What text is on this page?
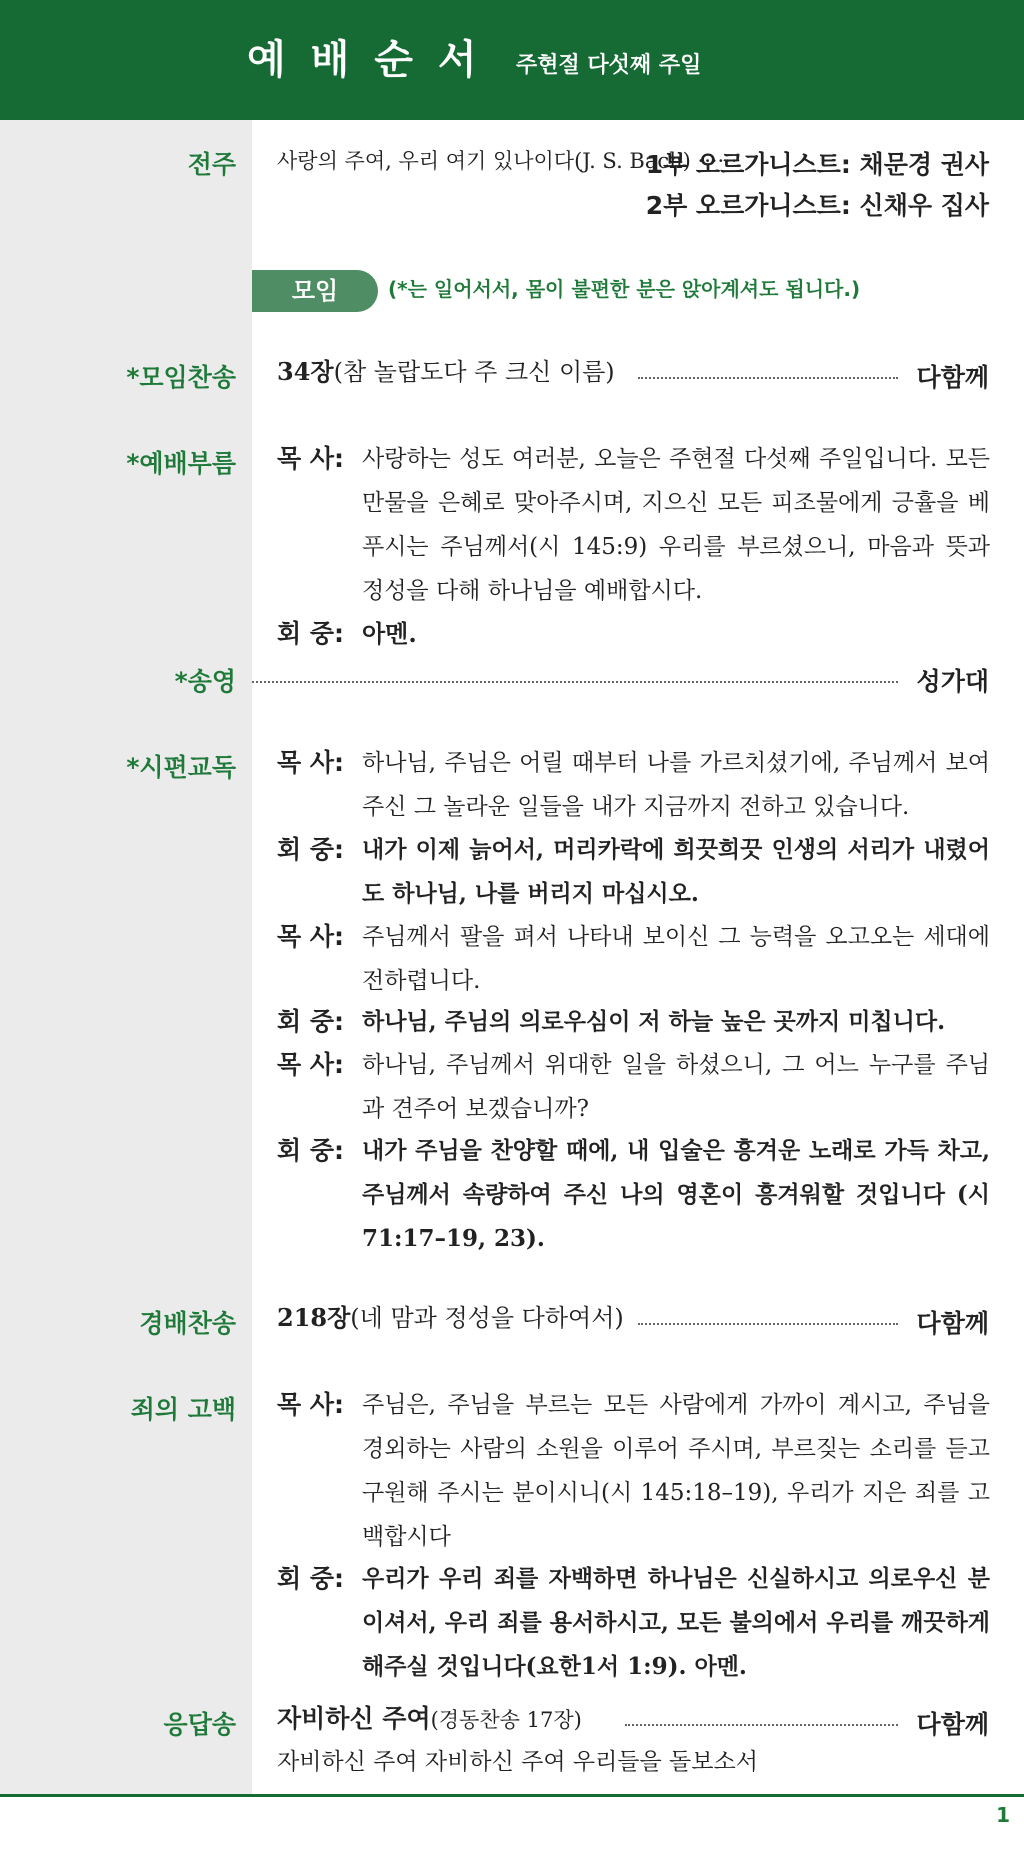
예배순서 주현절 다섯째 주일
전주 사랑의 주여, 우리 여기 있나이다(J. S. Bach) ······
1부 오르가니스트: 채문경 권사
2부 오르가니스트: 신채우 집사
모임	(*는 일어서서, 몸이 불편한 분은 앉아계셔도 됩니다.)
*모임찬송 34장(참 놀랍도다 주 크신 이름)	다함께
*예배부름 목 사: 사랑하는 성도 여러분, 오늘은 주현절 다섯째 주일입니다. 모든 만물을 은혜로 맞아주시며, 지으신 모든 피조물에게 긍휼을 베푸시는 주님께서(시 145:9) 우리를 부르셨으니, 마음과 뜻과 정성을 다해 하나님을 예배합시다.
회 중: 아멘.
*송영	성가대
*시편교독 목 사: 하나님, 주님은 어릴 때부터 나를 가르치셨기에, 주님께서 보여 주신 그 놀라운 일들을 내가 지금까지 전하고 있습니다.
회 중: 내가 이제 늙어서, 머리카락에 희끗희끗 인생의 서리가 내렸어도 하나님, 나를 버리지 마십시오.
목 사: 주님께서 팔을 펴서 나타내 보이신 그 능력을 오고오는 세대에 전하렵니다.
회 중: 하나님, 주님의 의로우심이 저 하늘 높은 곳까지 미칩니다.
목 사: 하나님, 주님께서 위대한 일을 하셨으니, 그 어느 누구를 주님과 견주어 보겠습니까?
회 중: 내가 주님을 찬양할 때에, 내 입술은 흥겨운 노래로 가득 차고, 주님께서 속량하여 주신 나의 영혼이 흥겨워할 것입니다 (시 71:17–19, 23).
경배찬송 218장(네 맘과 정성을 다하여서)	다함께
죄의 고백 목 사: 주님은, 주님을 부르는 모든 사람에게 가까이 계시고, 주님을 경외하는 사람의 소원을 이루어 주시며, 부르짖는 소리를 듣고 구원해 주시는 분이시니(시 145:18–19), 우리가 지은 죄를 고백합시다
회 중: 우리가 우리 죄를 자백하면 하나님은 신실하시고 의로우신 분이셔서, 우리 죄를 용서하시고, 모든 불의에서 우리를 깨끗하게 해주실 것입니다(요한1서 1:9). 아멘.
응답송 자비하신 주여(경동찬송 17장)	다함께
자비하신 주여 자비하신 주여 우리들을 돌보소서
1
